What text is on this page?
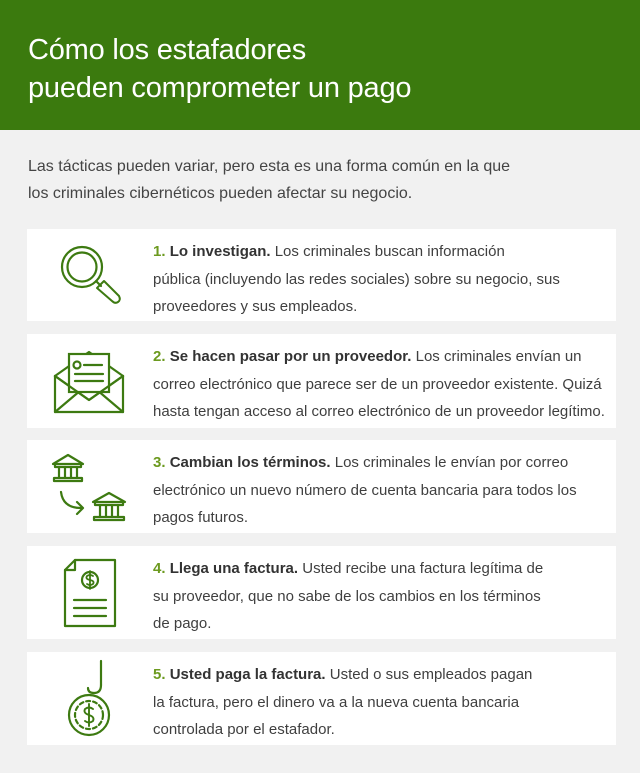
Cómo los estafadores
pueden comprometer un pago
Las tácticas pueden variar, pero esta es una forma común en la que
los criminales cibernéticos pueden afectar su negocio.
1. Lo investigan. Los criminales buscan información
pública (incluyendo las redes sociales) sobre su negocio, sus
proveedores y sus empleados.
2. Se hacen pasar por un proveedor. Los criminales envían un
correo electrónico que parece ser de un proveedor existente. Quizá
hasta tengan acceso al correo electrónico de un proveedor legítimo.
3. Cambian los términos. Los criminales le envían por correo
electrónico un nuevo número de cuenta bancaria para todos los
pagos futuros.
4. Llega una factura. Usted recibe una factura legítima de
su proveedor, que no sabe de los cambios en los términos
de pago.
5. Usted paga la factura. Usted o sus empleados pagan
la factura, pero el dinero va a la nueva cuenta bancaria
controlada por el estafador.
